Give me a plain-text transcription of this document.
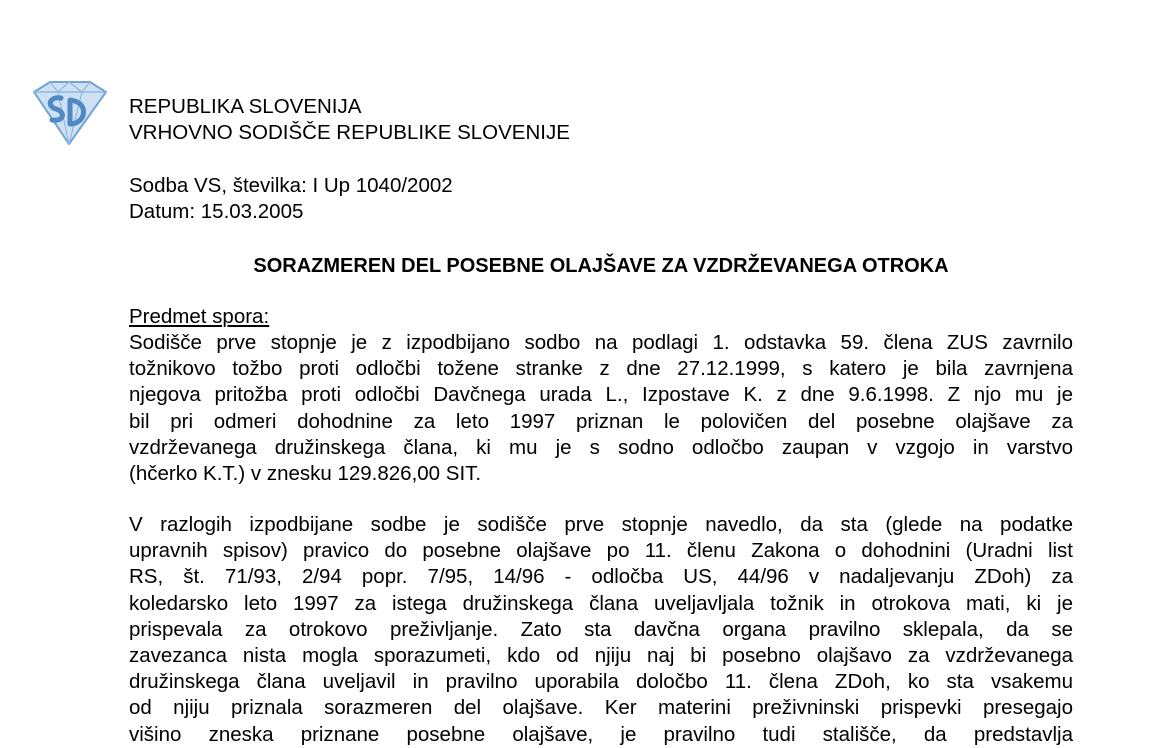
REPUBLIKA SLOVENIJA
VRHOVNO SODIŠČE REPUBLIKE SLOVENIJE
Sodba VS, številka: I Up 1040/2002
Datum: 15.03.2005
SORAZMEREN DEL POSEBNE OLAJŠAVE ZA VZDRŽEVANEGA OTROKA
Predmet spora:
Sodišče prve stopnje je z izpodbijano sodbo na podlagi 1. odstavka 59. člena ZUS zavrnilo
tožnikovo tožbo proti odločbi tožene stranke z dne 27.12.1999, s katero je bila zavrnjena
njegova pritožba proti odločbi Davčnega urada L., Izpostave K. z dne 9.6.1998. Z njo mu je
bil pri odmeri dohodnine za leto 1997 priznan le polovičen del posebne olajšave za
vzdrževanega družinskega člana, ki mu je s sodno odločbo zaupan v vzgojo in varstvo
(hčerko K.T.) v znesku 129.826,00 SIT.
V razlogih izpodbijane sodbe je sodišče prve stopnje navedlo, da sta (glede na podatke
upravnih spisov) pravico do posebne olajšave po 11. členu Zakona o dohodnini (Uradni list
RS, št. 71/93, 2/94 popr. 7/95, 14/96 - odločba US, 44/96 v nadaljevanju ZDoh) za
koledarsko leto 1997 za istega družinskega člana uveljavljala tožnik in otrokova mati, ki je
prispevala za otrokovo preživljanje. Zato sta davčna organa pravilno sklepala, da se
zavezanca nista mogla sporazumeti, kdo od njiju naj bi posebno olajšavo za vzdrževanega
družinskega člana uveljavil in pravilno uporabila določbo 11. člena ZDoh, ko sta vsakemu
od njiju priznala sorazmeren del olajšave. Ker materini preživninski prispevki presegajo
višino zneska priznane posebne olajšave, je pravilno tudi stališče, da predstavlja
